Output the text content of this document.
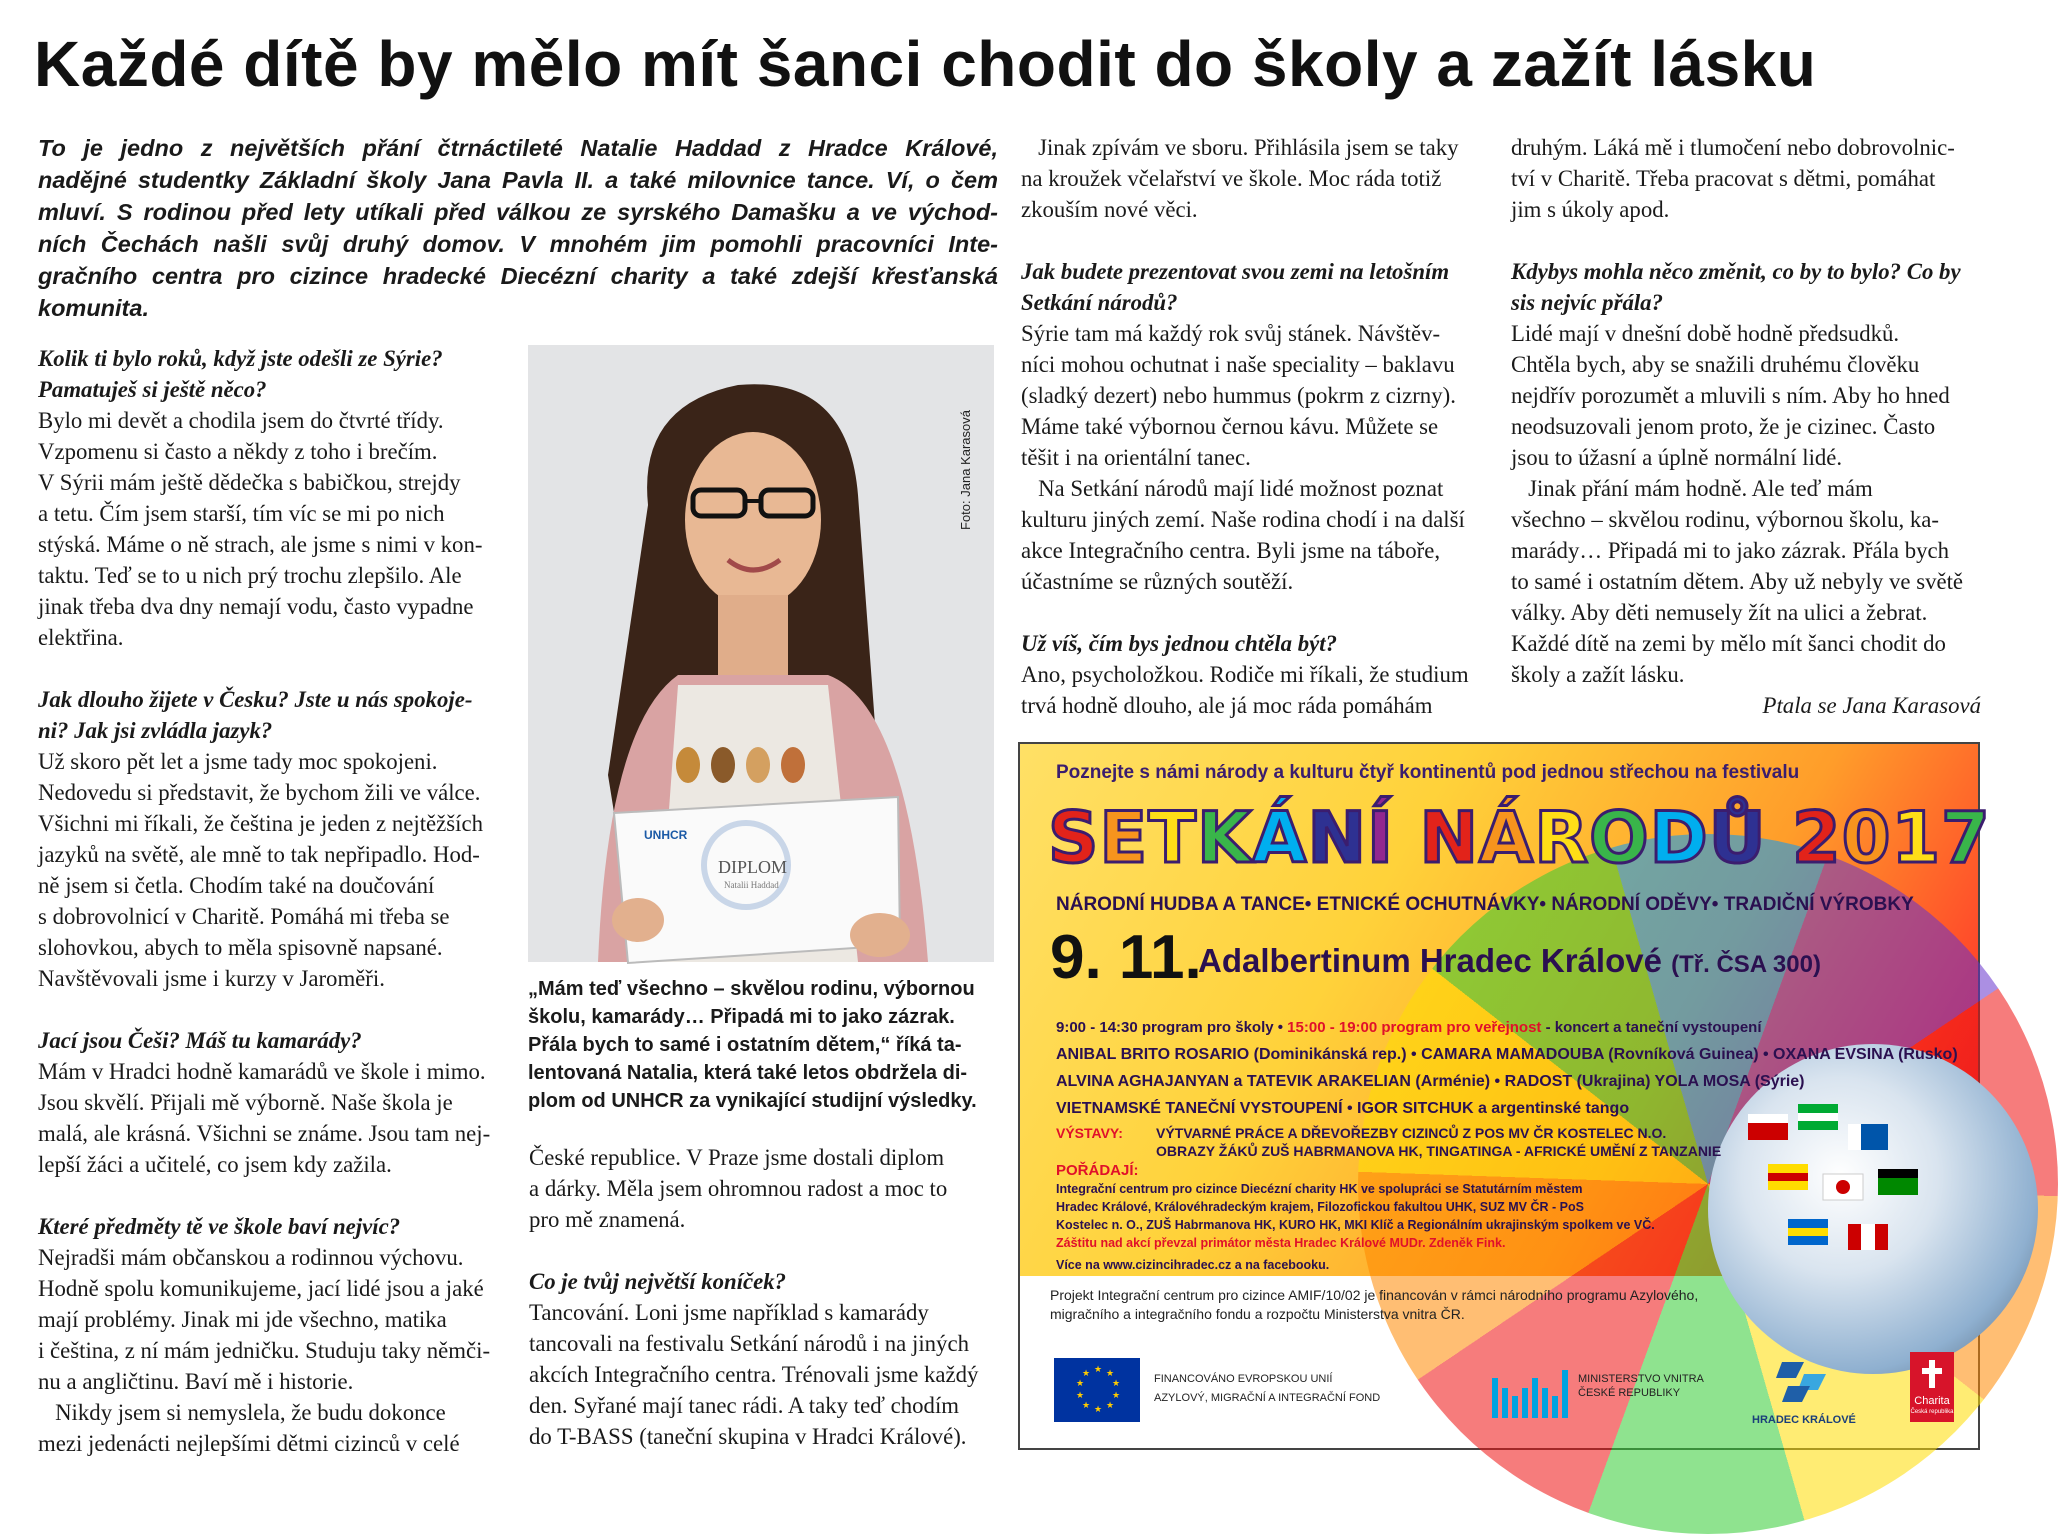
Každé dítě by mělo mít šanci chodit do školy a zažít lásku
To je jedno z největších přání čtrnáctileté Natalie Haddad z Hradce Králové,
nadějné studentky Základní školy Jana Pavla II. a také milovnice tance. Ví, o čem
mluví. S rodinou před lety utíkali před válkou ze syrského Damašku a ve východ-
ních Čechách našli svůj druhý domov. V mnohém jim pomohli pracovníci Inte-
gračního centra pro cizince hradecké Diecézní charity a také zdejší křesťanská
komunita.

Kolik ti bylo roků, když jste odešli ze Sýrie?

Pamatuješ si ještě něco?

Bylo mi devět a chodila jsem do čtvrté třídy.

Vzpomenu si často a někdy z toho i brečím.

V Sýrii mám ještě dědečka s babičkou, strejdy

a tetu. Čím jsem starší, tím víc se mi po nich

stýská. Máme o ně strach, ale jsme s nimi v kon-

taktu. Teď se to u nich prý trochu zlepšilo. Ale

jinak třeba dva dny nemají vodu, často vypadne

elektřina.

Jak dlouho žijete v Česku? Jste u nás spokoje-

ni? Jak jsi zvládla jazyk?

Už skoro pět let a jsme tady moc spokojeni.

Nedovedu si představit, že bychom žili ve válce.

Všichni mi říkali, že čeština je jeden z nejtěžších

jazyků na světě, ale mně to tak nepřipadlo. Hod-

ně jsem si četla. Chodím také na doučování

s dobrovolnicí v Charitě. Pomáhá mi třeba se

slohovkou, abych to měla spisovně napsané.

Navštěvovali jsme i kurzy v Jaroměři.

Jací jsou Češi? Máš tu kamarády?

Mám v Hradci hodně kamarádů ve škole i mimo.

Jsou skvělí. Přijali mě výborně. Naše škola je

malá, ale krásná. Všichni se známe. Jsou tam nej-

lepší žáci a učitelé, co jsem kdy zažila.

Které předměty tě ve škole baví nejvíc?

Nejradši mám občanskou a rodinnou výchovu.

Hodně spolu komunikujeme, jací lidé jsou a jaké

mají problémy. Jinak mi jde všechno, matika

i čeština, z ní mám jedničku. Studuju taky němči-

nu a angličtinu. Baví mě i historie.

Nikdy jsem si nemyslela, že budu dokonce

mezi jedenácti nejlepšími dětmi cizinců v celé

UNHCR
DIPLOM
Natalii Haddad
Foto: Jana Karasová
„Mám teď všechno – skvělou rodinu, výbornou
školu, kamarády… Připadá mi to jako zázrak.
Přála bych to samé i ostatním dětem,“ říká ta-
lentovaná Natalia, která také letos obdržela di-
plom od UNHCR za vynikající studijní výsledky.

České republice. V Praze jsme dostali diplom

a dárky. Měla jsem ohromnou radost a moc to

pro mě znamená.

Co je tvůj největší koníček?

Tancování. Loni jsme například s kamarády

tancovali na festivalu Setkání národů i na jiných

akcích Integračního centra. Trénovali jsme každý

den. Syřané mají tanec rádi. A taky teď chodím

do T-BASS (taneční skupina v Hradci Králové).

Jinak zpívám ve sboru. Přihlásila jsem se taky

na kroužek včelařství ve škole. Moc ráda totiž

zkouším nové věci.

Jak budete prezentovat svou zemi na letošním

Setkání národů?

Sýrie tam má každý rok svůj stánek. Návštěv-

níci mohou ochutnat i naše speciality – baklavu

(sladký dezert) nebo hummus (pokrm z cizrny).

Máme také výbornou černou kávu. Můžete se

těšit i na orientální tanec.

Na Setkání národů mají lidé možnost poznat

kulturu jiných zemí. Naše rodina chodí i na další

akce Integračního centra. Byli jsme na táboře,

účastníme se různých soutěží.

Už víš, čím bys jednou chtěla být?

Ano, psycholožkou. Rodiče mi říkali, že studium

trvá hodně dlouho, ale já moc ráda pomáhám

druhým. Láká mě i tlumočení nebo dobrovolnic-

tví v Charitě. Třeba pracovat s dětmi, pomáhat

jim s úkoly apod.

Kdybys mohla něco změnit, co by to bylo? Co by

sis nejvíc přála?

Lidé mají v dnešní době hodně předsudků.

Chtěla bych, aby se snažili druhému člověku

nejdřív porozumět a mluvili s ním. Aby ho hned

neodsuzovali jenom proto, že je cizinec. Často

jsou to úžasní a úplně normální lidé.

Jinak přání mám hodně. Ale teď mám

všechno – skvělou rodinu, výbornou školu, ka-

marády… Připadá mi to jako zázrak. Přála bych

to samé i ostatním dětem. Aby už nebyly ve světě

války. Aby děti nemusely žít na ulici a žebrat.

Každé dítě na zemi by mělo mít šanci chodit do

školy a zažít lásku.

Ptala se Jana Karasová

Poznejte s námi národy a kulturu čtyř kontinentů pod jednou střechou na festivalu
SETKÁNÍ NÁRODŮ 2017
NÁRODNÍ HUDBA A TANCE• ETNICKÉ OCHUTNÁVKY• NÁRODNÍ ODĚVY• TRADIČNÍ VÝROBKY
9. 11.
Adalbertinum Hradec Králové (Tř. ČSA 300)
9:00 - 14:30 program pro školy • 15:00 - 19:00 program pro veřejnost - koncert a taneční vystoupení
ANIBAL BRITO ROSARIO (Dominikánská rep.) • CAMARA MAMADOUBA (Rovníková Guinea) • OXANA EVSINA (Rusko)
ALVINA AGHAJANYAN a TATEVIK ARAKELIAN (Arménie) • RADOST (Ukrajina) YOLA MOSA (Sýrie)
VIETNAMSKÉ TANEČNÍ VYSTOUPENÍ • IGOR SITCHUK a argentinské tango
VÝSTAVY: VÝTVARNÉ PRÁCE A DŘEVOŘEZBY CIZINCŮ Z POS MV ČR KOSTELEC N.O.
OBRAZY ŽÁKŮ ZUŠ HABRMANOVA HK, TINGATINGA - AFRICKÉ UMĚNÍ Z TANZANIE
POŘÁDAJÍ:
Integrační centrum pro cizince Diecézní charity HK ve spolupráci se Statutárním městem
Hradec Králové, Královéhradeckým krajem, Filozofickou fakultou UHK, SUZ MV ČR - PoS
Kostelec n. O., ZUŠ Habrmanova HK, KURO HK, MKI Klíč a Regionálním ukrajinským spolkem ve VČ.
Záštitu nad akcí převzal primátor města Hradec Králové MUDr. Zdeněk Fink.
Více na www.cizincihradec.cz a na facebooku.
Projekt Integrační centrum pro cizince AMIF/10/02 je financován v rámci národního programu Azylového,
migračního a integračního fondu a rozpočtu Ministerstva vnitra ČR.
★ ★
★
★
★
★
★
★
★
★	FINANCOVÁNO EVROPSKOU UNIÍ
AZYLOVÝ, MIGRAČNÍ A INTEGRAČNÍ FOND
MINISTERSTVO VNITRA
ČESKÉ REPUBLIKY
HRADEC KRÁLOVÉ
Charita
Česká republika
